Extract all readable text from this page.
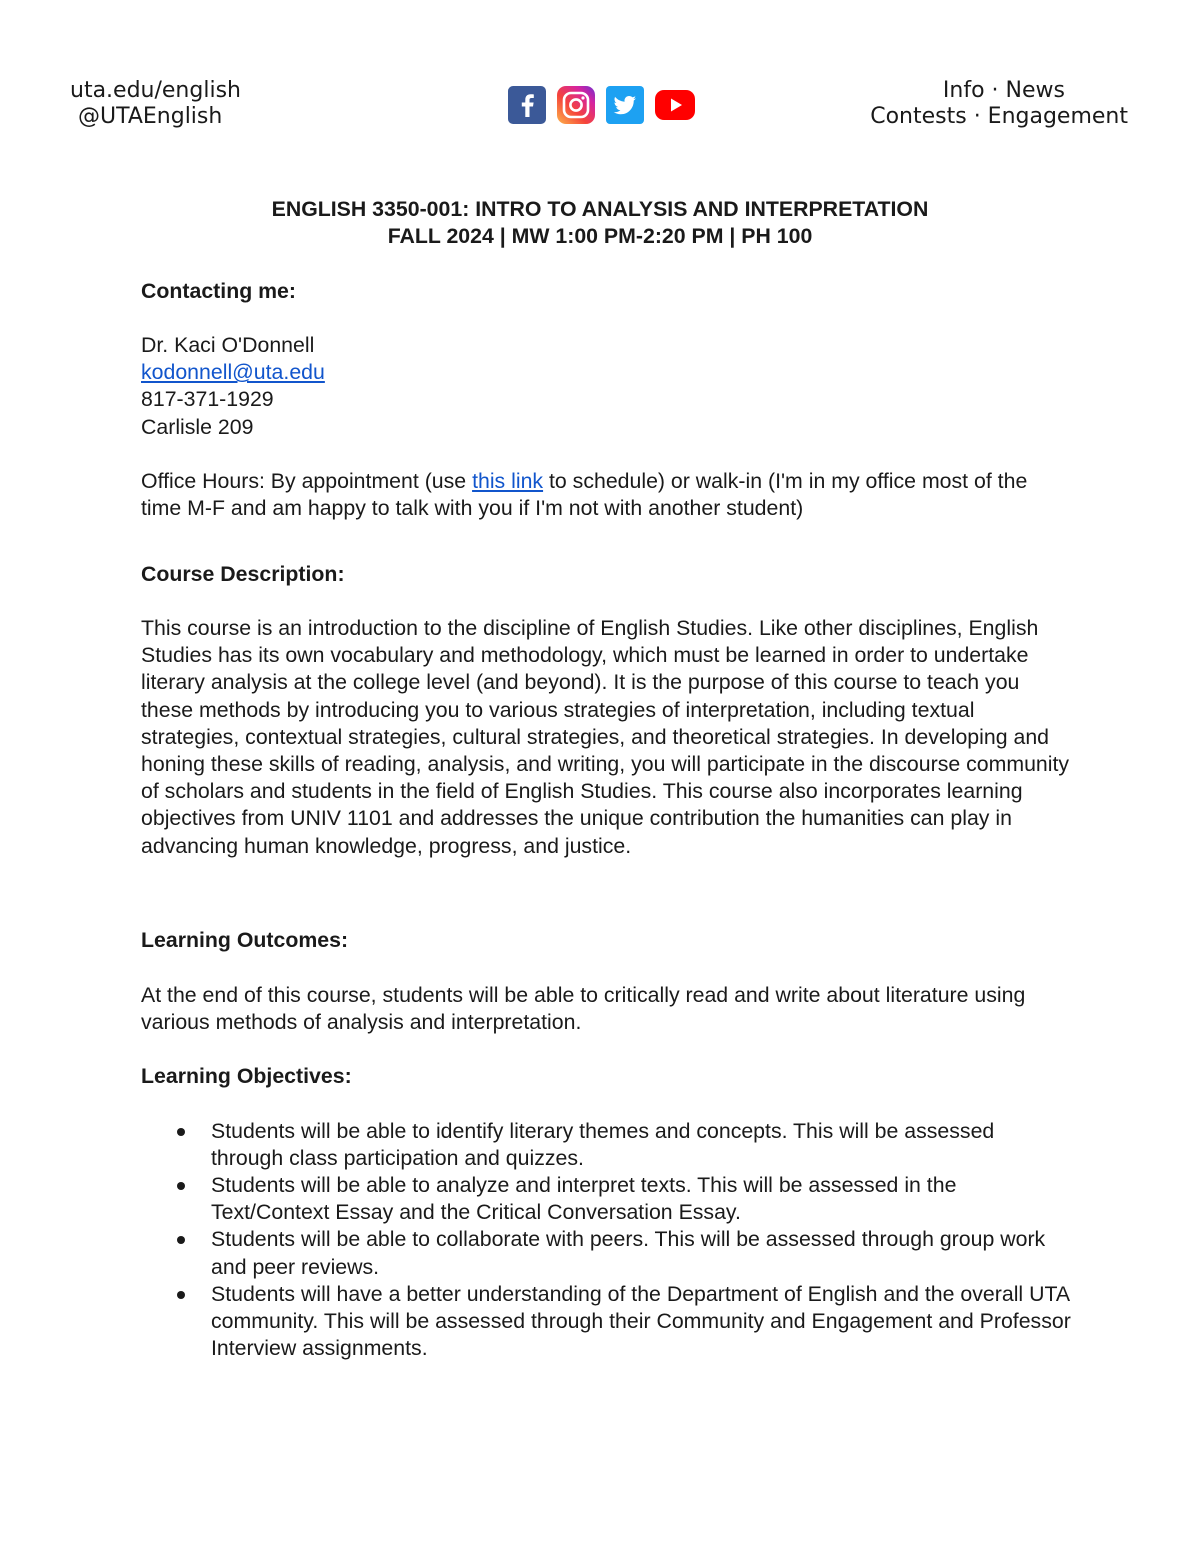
uta.edu/english
@UTAEnglish
Info · News
Contests · Engagement
ENGLISH 3350-001: INTRO TO ANALYSIS AND INTERPRETATION
FALL 2024 | MW 1:00 PM-2:20 PM | PH 100
Contacting me:

Dr. Kaci O'Donnell

kodonnell@uta.edu

817-371-1929

Carlisle 209

Office Hours: By appointment (use this link to schedule) or walk-in (I'm in my office most of the time M-F and am happy to talk with you if I'm not with another student)

Course Description:

This course is an introduction to the discipline of English Studies. Like other disciplines, English Studies has its own vocabulary and methodology, which must be learned in order to undertake literary analysis at the college level (and beyond). It is the purpose of this course to teach you these methods by introducing you to various strategies of interpretation, including textual strategies, contextual strategies, cultural strategies, and theoretical strategies. In developing and honing these skills of reading, analysis, and writing, you will participate in the discourse community of scholars and students in the field of English Studies. This course also incorporates learning objectives from UNIV 1101 and addresses the unique contribution the humanities can play in advancing human knowledge, progress, and justice.

Learning Outcomes:

At the end of this course, students will be able to critically read and write about literature using various methods of analysis and interpretation.

Learning Objectives:
Students will be able to identify literary themes and concepts. This will be assessed through class participation and quizzes.
Students will be able to analyze and interpret texts. This will be assessed in the Text/Context Essay and the Critical Conversation Essay.
Students will be able to collaborate with peers. This will be assessed through group work and peer reviews.
Students will have a better understanding of the Department of English and the overall UTA community. This will be assessed through their Community and Engagement and Professor Interview assignments.
